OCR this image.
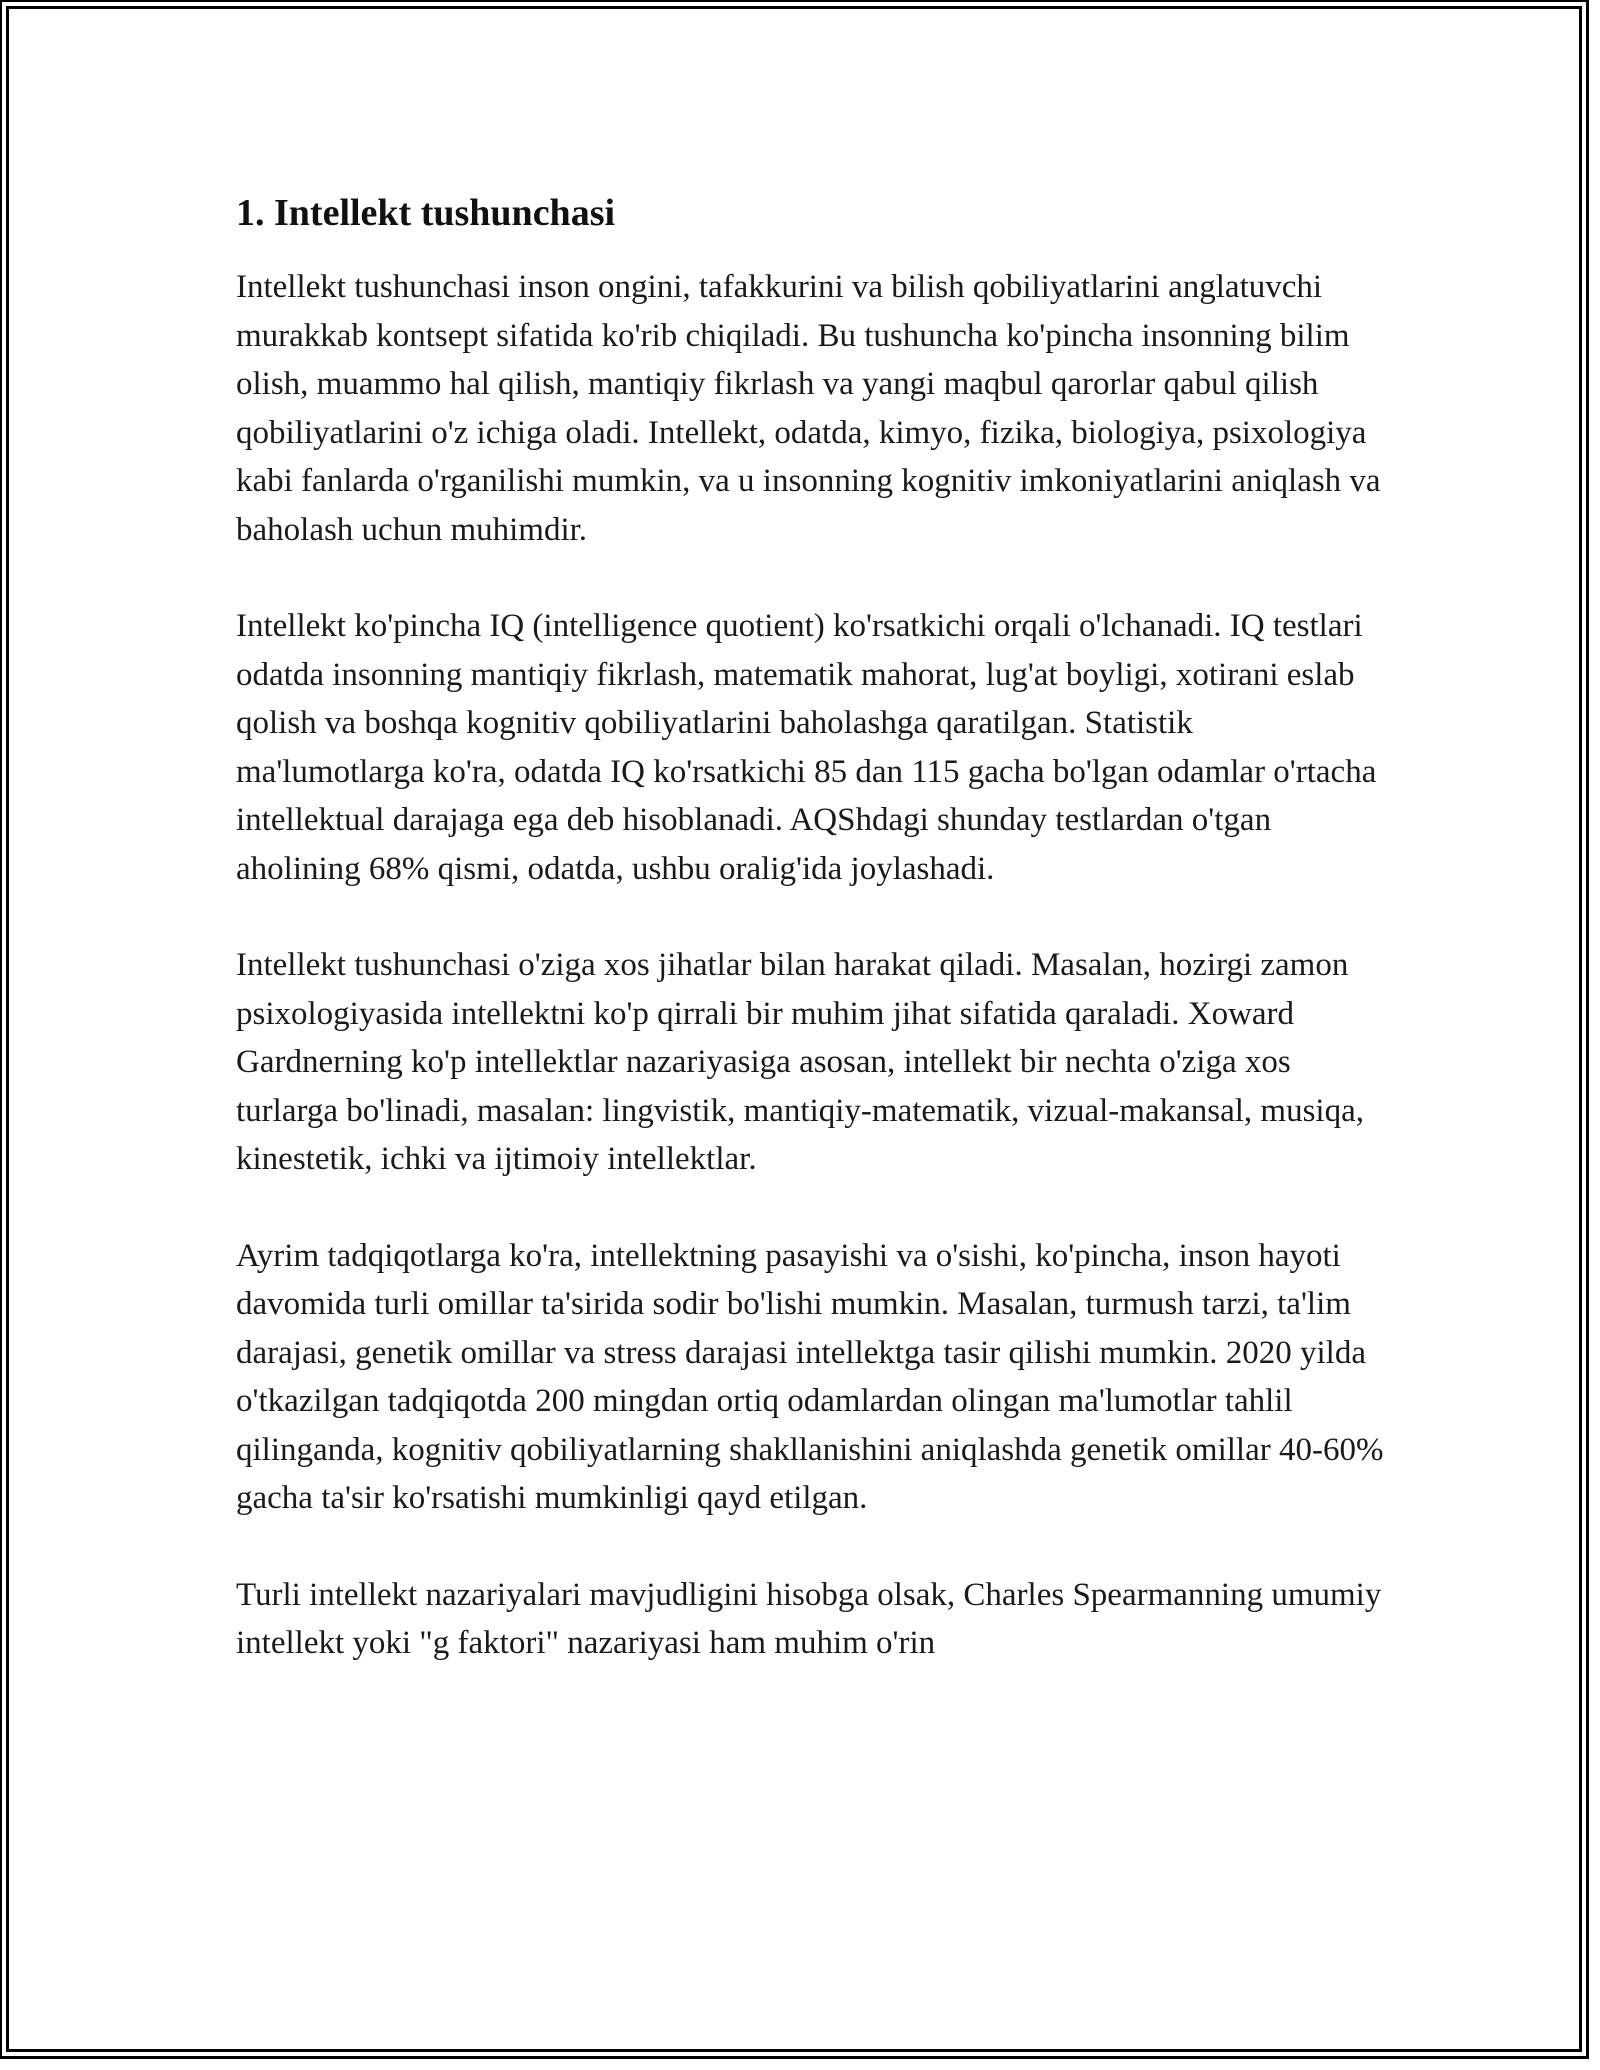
1. Intellekt tushunchasi

Intellekt tushunchasi inson ongini, tafakkurini va bilish qobiliyatlarini anglatuvchi murakkab kontsept sifatida ko'rib chiqiladi. Bu tushuncha ko'pincha insonning bilim olish, muammo hal qilish, mantiqiy fikrlash va yangi maqbul qarorlar qabul qilish qobiliyatlarini o'z ichiga oladi. Intellekt, odatda, kimyo, fizika, biologiya, psixologiya kabi fanlarda o'rganilishi mumkin, va u insonning kognitiv imkoniyatlarini aniqlash va baholash uchun muhimdir.

Intellekt ko'pincha IQ (intelligence quotient) ko'rsatkichi orqali o'lchanadi. IQ testlari odatda insonning mantiqiy fikrlash, matematik mahorat, lug'at boyligi, xotirani eslab qolish va boshqa kognitiv qobiliyatlarini baholashga qaratilgan. Statistik ma'lumotlarga ko'ra, odatda IQ ko'rsatkichi 85 dan 115 gacha bo'lgan odamlar o'rtacha intellektual darajaga ega deb hisoblanadi. AQShdagi shunday testlardan o'tgan aholining 68% qismi, odatda, ushbu oralig'ida joylashadi.

Intellekt tushunchasi o'ziga xos jihatlar bilan harakat qiladi. Masalan, hozirgi zamon psixologiyasida intellektni ko'p qirrali bir muhim jihat sifatida qaraladi. Xoward Gardnerning ko'p intellektlar nazariyasiga asosan, intellekt bir nechta o'ziga xos turlarga bo'linadi, masalan: lingvistik, mantiqiy-matematik, vizual-makansal, musiqa, kinestetik, ichki va ijtimoiy intellektlar.

Ayrim tadqiqotlarga ko'ra, intellektning pasayishi va o'sishi, ko'pincha, inson hayoti davomida turli omillar ta'sirida sodir bo'lishi mumkin. Masalan, turmush tarzi, ta'lim darajasi, genetik omillar va stress darajasi intellektga tasir qilishi mumkin. 2020 yilda o'tkazilgan tadqiqotda 200 mingdan ortiq odamlardan olingan ma'lumotlar tahlil qilinganda, kognitiv qobiliyatlarning shakllanishini aniqlashda genetik omillar 40-60% gacha ta'sir ko'rsatishi mumkinligi qayd etilgan.

Turli intellekt nazariyalari mavjudligini hisobga olsak, Charles Spearmanning umumiy intellekt yoki "g faktori" nazariyasi ham muhim o'rin
